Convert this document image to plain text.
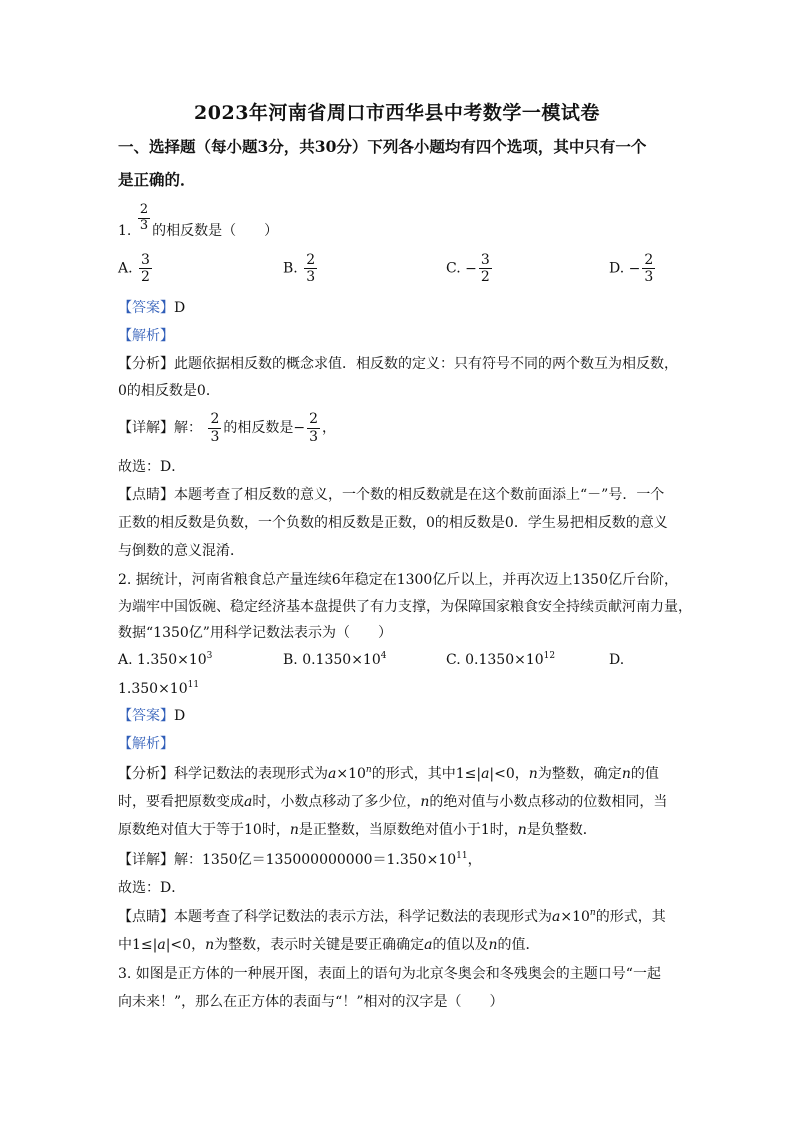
2023年河南省周口市西华县中考数学一模试卷
一、选择题（每小题3分，共30分）下列各小题均有四个选项，其中只有一个
是正确的．
1. $\frac{2}{3}$ 的相反数是（　　）
A. $\frac{3}{2}$	B. $\frac{2}{3}$	C. − $\frac{3}{2}$	D. − $\frac{2}{3}$
【答案】D
【解析】
【分析】此题依据相反数的概念求值．相反数的定义：只有符号不同的两个数互为相反数，
0的相反数是0．
【详解】解： $\frac{2}{3}$ 的相反数是− $\frac{2}{3}$ ，
故选：D．
【点睛】本题考查了相反数的意义，一个数的相反数就是在这个数前面添上“－”号．一个
正数的相反数是负数，一个负数的相反数是正数，0的相反数是0．学生易把相反数的意义
与倒数的意义混淆．
2. 据统计，河南省粮食总产量连续6年稳定在1300亿斤以上，并再次迈上1350亿斤台阶，
为端牢中国饭碗、稳定经济基本盘提供了有力支撑，为保障国家粮食安全持续贡献河南力量，
数据“1350亿”用科学记数法表示为（　　）
A. $1.350\times 10^3$	B. $0.1350\times 10^4$	C. $0.1350\times 10^{12}$	D.
$1.350\times 10^{11}$
【答案】D
【解析】
【分析】科学记数法的表现形式为$a\times 10^n$的形式，其中1≤|a|<0，n为整数，确定n的值
时，要看把原数变成a时，小数点移动了多少位，n的绝对值与小数点移动的位数相同，当
原数绝对值大于等于10时，n是正整数，当原数绝对值小于1时，n是负整数．
【详解】解：1350亿$=135000000000=1.350\times 10^{11}$，
故选：D．
【点睛】本题考查了科学记数法的表示方法，科学记数法的表现形式为$a\times 10^n$的形式，其
中1≤|a|<0，n为整数，表示时关键是要正确确定a的值以及n的值．
3. 如图是正方体的一种展开图，表面上的语句为北京冬奥会和冬残奥会的主题口号“一起
向未来！”，那么在正方体的表面与“！”相对的汉字是（　　）
